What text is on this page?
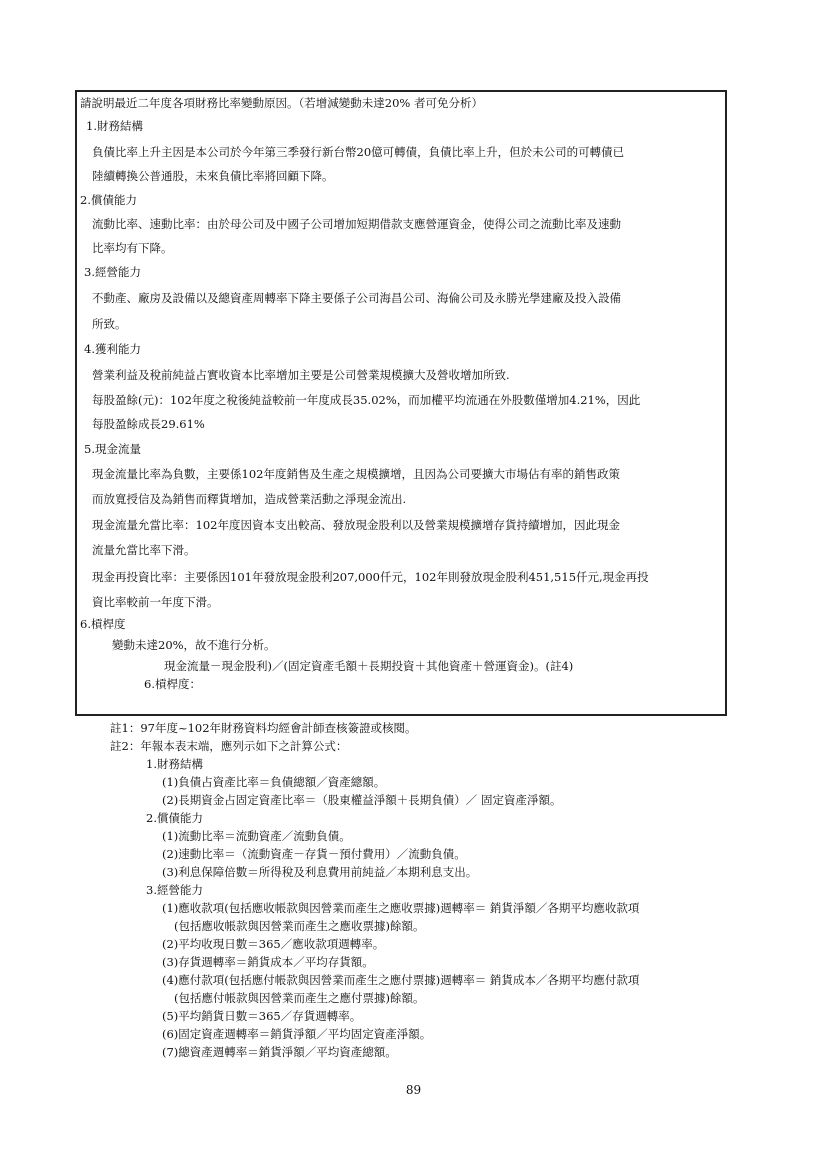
請說明最近二年度各項財務比率變動原因。（若增減變動未達20% 者可免分析）
1.財務結構
負債比率上升主因是本公司於今年第三季發行新台幣20億可轉債，負債比率上升，但於未公司的可轉債已
陸續轉換公普通股，未來負債比率將回顧下降。
2.償債能力
流動比率、速動比率：由於母公司及中國子公司增加短期借款支應營運資金，使得公司之流動比率及速動
比率均有下降。
3.經營能力
不動產、廠房及設備以及總資產周轉率下降主要係子公司海昌公司、海倫公司及永勝光學建廠及投入設備
所致。
4.獲利能力
營業利益及稅前純益占實收資本比率增加主要是公司營業規模擴大及營收增加所致.
每股盈餘(元)：102年度之稅後純益較前一年度成長35.02%，而加權平均流通在外股數僅增加4.21%，因此
每股盈餘成長29.61%
5.現金流量
現金流量比率為負數，主要係102年度銷售及生產之規模擴增，且因為公司要擴大市場佔有率的銷售政策
而放寬授信及為銷售而釋貨增加，造成營業活動之淨現金流出.
現金流量允當比率：102年度因資本支出較高、發放現金股利以及營業規模擴增存貨持續增加，因此現金
流量允當比率下滑。
現金再投資比率：主要係因101年發放現金股利207,000仟元，102年則發放現金股利451,515仟元,現金再投
資比率較前一年度下滑。
6.槓桿度
變動未達20%，故不進行分析。
現金流量－現金股利)／(固定資產毛額＋長期投資＋其他資產＋營運資金)。(註4)
6.槓桿度：
註1：97年度~102年財務資料均經會計師查核簽證或核閱。
註2：年報本表末端，應列示如下之計算公式：
1.財務結構
(1)負債占資產比率＝負債總額／資產總額。
(2)長期資金占固定資產比率＝（股東權益淨額＋長期負債）／ 固定資產淨額。
2.償債能力
(1)流動比率＝流動資產／流動負債。
(2)速動比率＝（流動資產－存貨－預付費用）／流動負債。
(3)利息保障倍數＝所得稅及利息費用前純益／本期利息支出。
3.經營能力
(1)應收款項(包括應收帳款與因營業而產生之應收票據)週轉率＝ 銷貨淨額／各期平均應收款項
(包括應收帳款與因營業而產生之應收票據)餘額。
(2)平均收現日數＝365／應收款項週轉率。
(3)存貨週轉率＝銷貨成本／平均存貨額。
(4)應付款項(包括應付帳款與因營業而產生之應付票據)週轉率＝ 銷貨成本／各期平均應付款項
(包括應付帳款與因營業而產生之應付票據)餘額。
(5)平均銷貨日數＝365／存貨週轉率。
(6)固定資產週轉率＝銷貨淨額／平均固定資產淨額。
(7)總資產週轉率＝銷貨淨額／平均資產總額。
89
